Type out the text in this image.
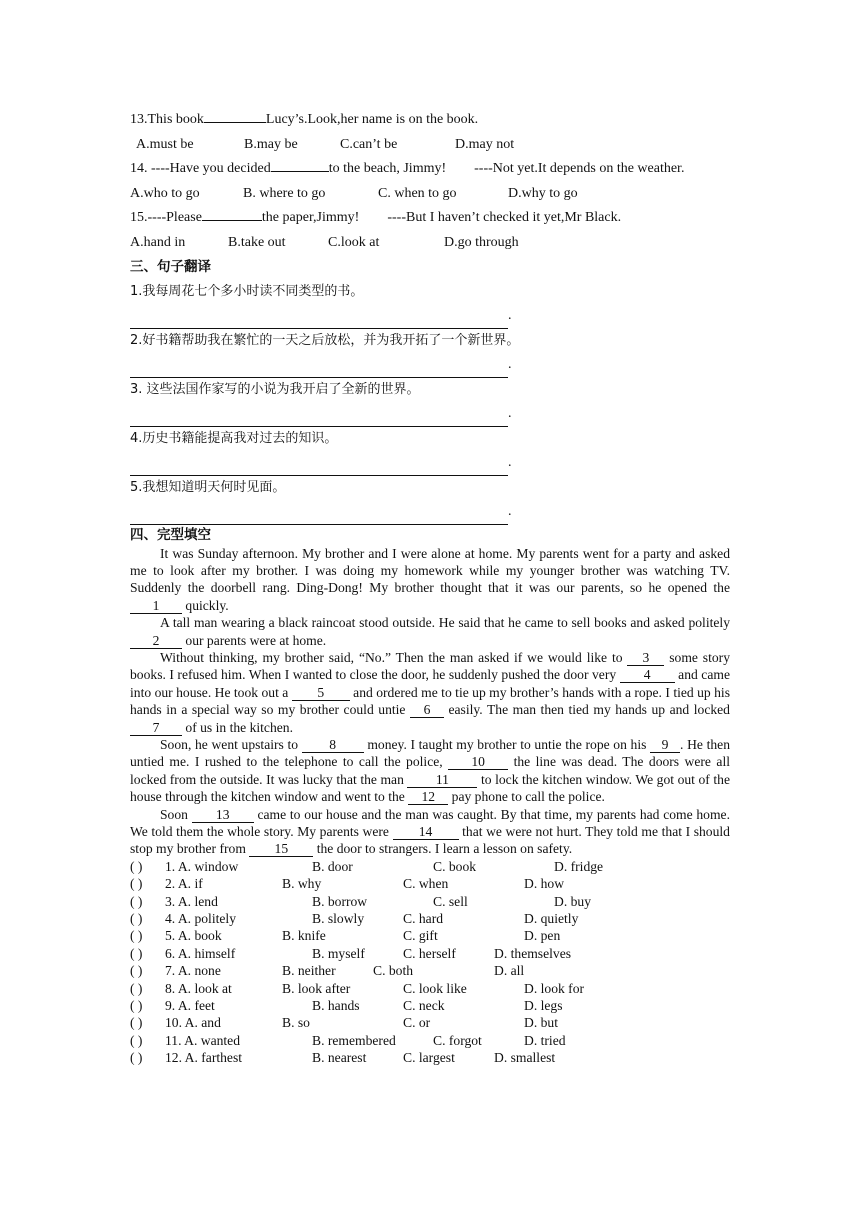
13.This book	Lucy’s.Look,her name is on the book.
A.must be	B.may be	C.can’t be	D.may not
14. ----Have you decided	to the beach, Jimmy!        ----Not yet.It depends on the weather.
A.who to go	B. where to go	C. when to go	D.why to go
15.----Please	the paper,Jimmy!        ----But I haven’t checked it yet,Mr Black.
A.hand in	B.take out	C.look at	D.go through
三、句子翻译
1.我每周花七个多小时读不同类型的书。
.
2.好书籍帮助我在繁忙的一天之后放松，并为我开拓了一个新世界。
.
3. 这些法国作家写的小说为我开启了全新的世界。
.
4.历史书籍能提高我对过去的知识。
.
5.我想知道明天何时见面。
.
四、完型填空

It was Sunday afternoon. My brother and I were alone at home. My parents went for a party and asked me to look after my brother. I was doing my homework while my younger brother was watching TV. Suddenly the doorbell rang. Ding-Dong! My brother thought that it was our parents, so he opened the 1 quickly.

A tall man wearing a black raincoat stood outside. He said that he came to sell books and asked politely 2 our parents were at home.

Without thinking, my brother said, “No.” Then the man asked if we would like to 3 some story books. I refused him. When I wanted to close the door, he suddenly pushed the door very 4 and came into our house. He took out a 5 and ordered me to tie up my brother’s hands with a rope. I tied up his hands in a special way so my brother could untie 6 easily. The man then tied my hands up and locked 7 of us in the kitchen.

Soon, he went upstairs to 8 money. I taught my brother to untie the rope on his 9 . He then untied me. I rushed to the telephone to call the police, 10 the line was dead. The doors were all locked from the outside. It was lucky that the man 11 to lock the kitchen window. We got out of the house through the kitchen window and went to the 12 pay phone to call the police.

Soon 13 came to our house and the man was caught. By that time, my parents had come home. We told them the whole story. My parents were 14 that we were not hurt. They told me that I should stop my brother from 15 the door to strangers. I learn a lesson on safety.

( ) 1. A. window	B. door	C. book	D. fridge
( ) 2. A. if	B. why	C. when	D. how
( ) 3. A. lend	B. borrow	C. sell	D. buy
( ) 4. A. politely	B. slowly	C. hard	D. quietly
( ) 5. A. book	B. knife	C. gift	D. pen
( ) 6. A. himself	B. myself	C. herself	D. themselves
( ) 7. A. none	B. neither	C. both	D. all
( ) 8. A. look at	B. look after	C. look like	D. look for
( ) 9. A. feet	B. hands	C. neck	D. legs
( ) 10. A. and	B. so	C. or	D. but
( ) 11. A. wanted	B. remembered	C. forgot	D. tried
( ) 12. A. farthest	B. nearest	C. largest	D. smallest
